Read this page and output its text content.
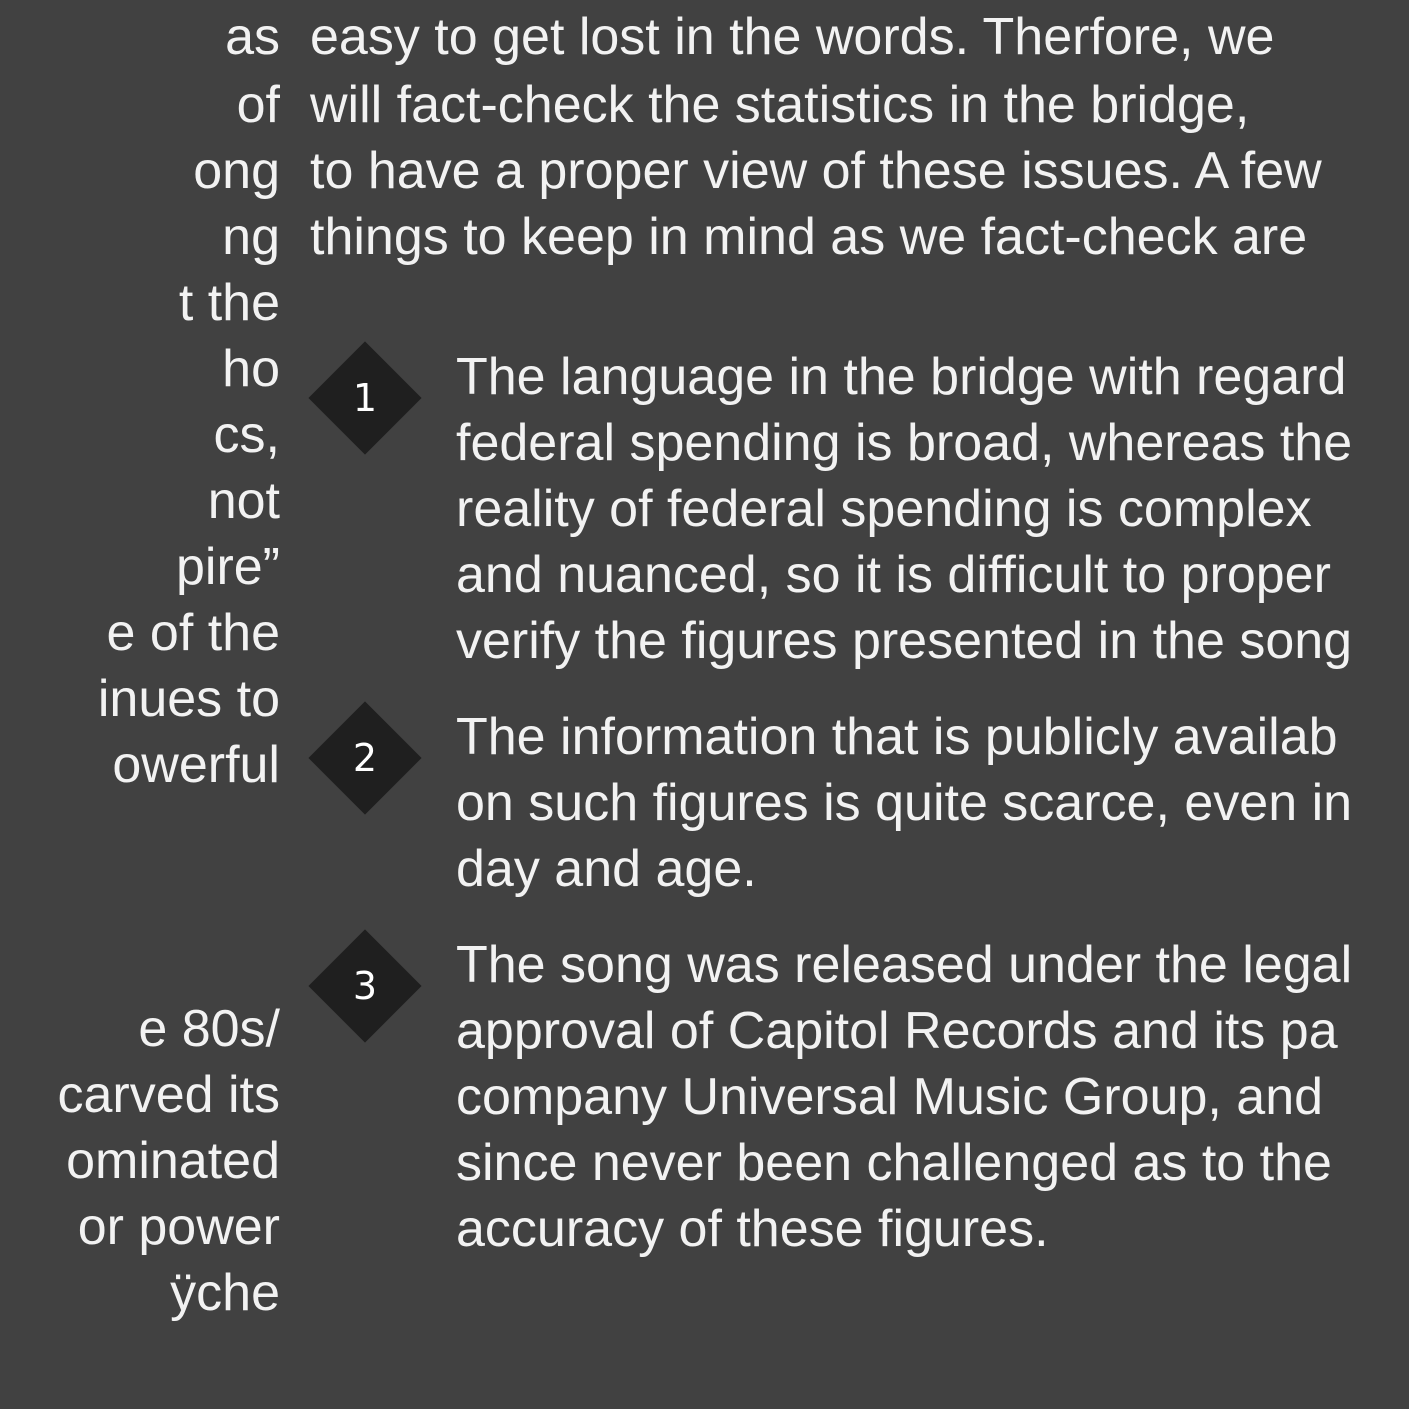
as
of
ong
ng
t the
ho
cs,
not
pire”
e of the
inues to
owerful
e 80s/
carved its
ominated
or power
ÿche
easy to get lost in the words. Therfore, we
will fact-check the statistics in the bridge,
to have a proper view of these issues. A few
things to keep in mind as we fact-check are
1	The language in the bridge with regard
federal spending is broad, whereas the
reality of federal spending is complex
and nuanced, so it is difficult to proper
verify the figures presented in the song
2	The information that is publicly availab
on such figures is quite scarce, even in
day and age.
3	The song was released under the legal
approval of Capitol Records and its pa
company Universal Music Group, and
since never been challenged as to the
accuracy of these figures.
